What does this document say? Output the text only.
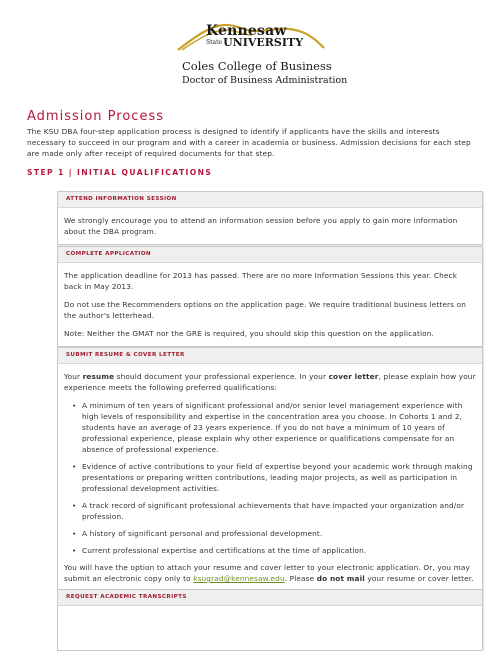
Kennesaw
StateUNIVERSITY
Coles College of Business
Doctor of Business Administration
Admission Process
The KSU DBA four-step application process is designed to identify if applicants have the skills and interests necessary to succeed in our program and with a career in academia or business. Admission decisions for each step are made only after receipt of required documents for that step.
STEP 1 | INITIAL QUALIFICATIONS
ATTEND INFORMATION SESSION

We strongly encourage you to attend an information session before you apply to gain more information about the DBA program.

COMPLETE APPLICATION

The application deadline for 2013 has passed. There are no more Information Sessions this year. Check back in May 2013.

Do not use the Recommenders options on the application page. We require traditional business letters on the author's letterhead.

Note: Neither the GMAT nor the GRE is required, you should skip this question on the application.

SUBMIT RESUME & COVER LETTER

Your resume should document your professional experience. In your cover letter, please explain how your experience meets the following preferred qualifications:

• A minimum of ten years of significant professional and/or senior level management experience with high levels of responsibility and expertise in the concentration area you choose. In Cohorts 1 and 2, students have an average of 23 years experience. If you do not have a minimum of 10 years of professional experience, please explain why other experience or qualifications compensate for an absence of professional experience.
• Evidence of active contributions to your field of expertise beyond your academic work through making presentations or preparing written contributions, leading major projects, as well as participation in professional development activities.
• A track record of significant professional achievements that have impacted your organization and/or profession.
• A history of significant personal and professional development.
• Current professional expertise and certifications at the time of application.

You will have the option to attach your resume and cover letter to your electronic application. Or, you may submit an electronic copy only to ksugrad@kennesaw.edu. Please do not mail your resume or cover letter.

REQUEST ACADEMIC TRANSCRIPTS
